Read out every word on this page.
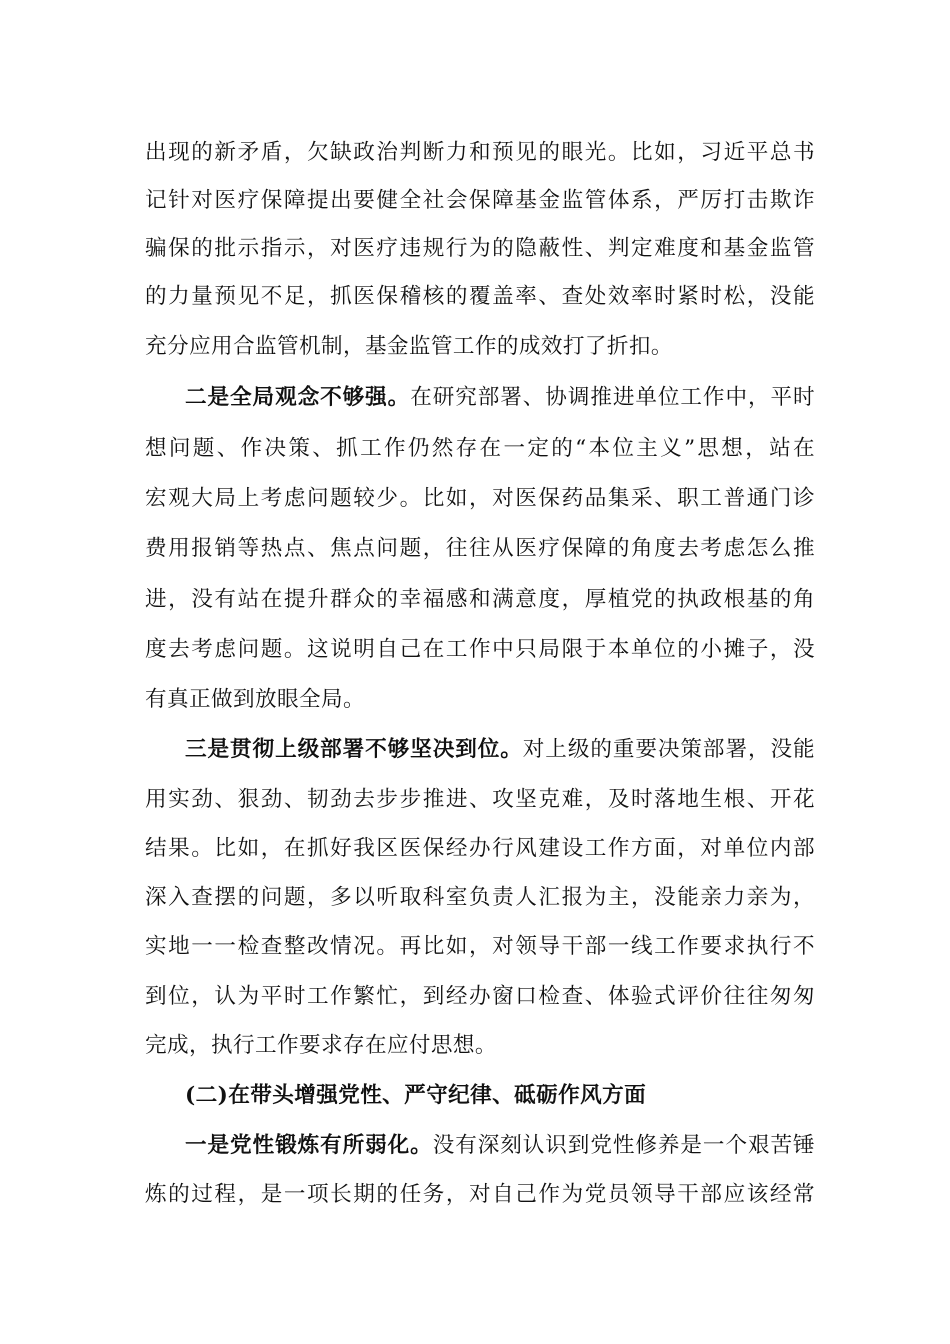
出现的新矛盾，欠缺政治判断力和预见的眼光。比如，习近平总书
记针对医疗保障提出要健全社会保障基金监管体系，严厉打击欺诈
骗保的批示指示，对医疗违规行为的隐蔽性、判定难度和基金监管
的力量预见不足，抓医保稽核的覆盖率、查处效率时紧时松，没能
充分应用合监管机制，基金监管工作的成效打了折扣。
二是全局观念不够强。在研究部署、协调推进单位工作中，平时
想问题、作决策、抓工作仍然存在一定的“本位主义”思想，站在
宏观大局上考虑问题较少。比如，对医保药品集采、职工普通门诊
费用报销等热点、焦点问题，往往从医疗保障的角度去考虑怎么推
进，没有站在提升群众的幸福感和满意度，厚植党的执政根基的角
度去考虑问题。这说明自己在工作中只局限于本单位的小摊子，没
有真正做到放眼全局。
三是贯彻上级部署不够坚决到位。对上级的重要决策部署，没能
用实劲、狠劲、韧劲去步步推进、攻坚克难，及时落地生根、开花
结果。比如，在抓好我区医保经办行风建设工作方面，对单位内部
深入查摆的问题，多以听取科室负责人汇报为主，没能亲力亲为，
实地一一检查整改情况。再比如，对领导干部一线工作要求执行不
到位，认为平时工作繁忙，到经办窗口检查、体验式评价往往匆匆
完成，执行工作要求存在应付思想。
(二)在带头增强党性、严守纪律、砥砺作风方面
一是党性锻炼有所弱化。没有深刻认识到党性修养是一个艰苦锤
炼的过程，是一项长期的任务，对自己作为党员领导干部应该经常
